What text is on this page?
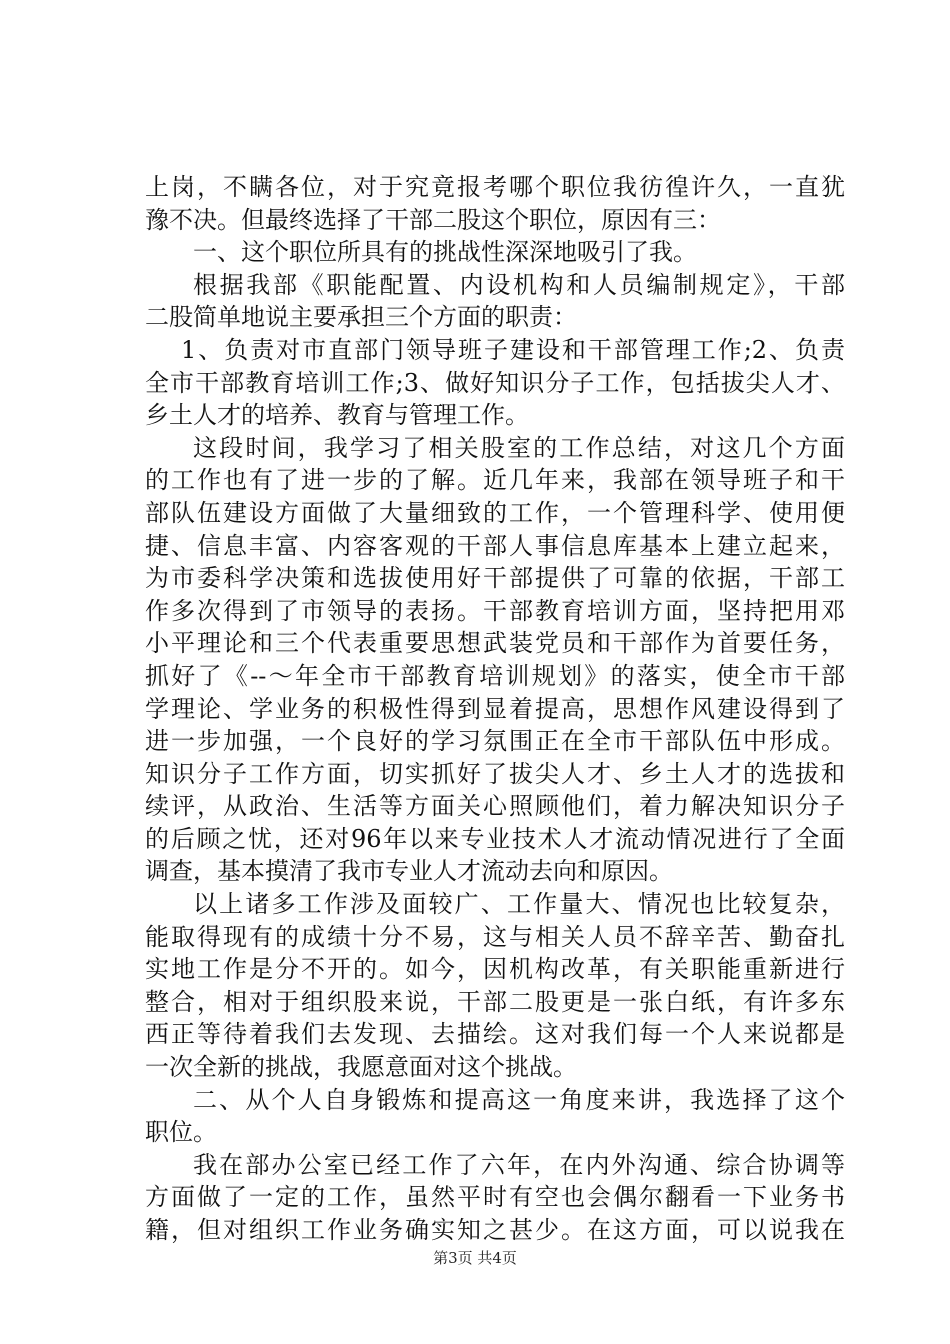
上岗，不瞒各位，对于究竟报考哪个职位我彷徨许久，一直犹
豫不决。但最终选择了干部二股这个职位，原因有三：
一、这个职位所具有的挑战性深深地吸引了我。
根据我部《职能配置、内设机构和人员编制规定》，干部
二股简单地说主要承担三个方面的职责：
1、负责对市直部门领导班子建设和干部管理工作;2、负责
全市干部教育培训工作;3、做好知识分子工作，包括拔尖人才、
乡土人才的培养、教育与管理工作。
这段时间，我学习了相关股室的工作总结，对这几个方面
的工作也有了进一步的了解。近几年来，我部在领导班子和干
部队伍建设方面做了大量细致的工作，一个管理科学、使用便
捷、信息丰富、内容客观的干部人事信息库基本上建立起来，
为市委科学决策和选拔使用好干部提供了可靠的依据，干部工
作多次得到了市领导的表扬。干部教育培训方面，坚持把用邓
小平理论和三个代表重要思想武装党员和干部作为首要任务，
抓好了《--～年全市干部教育培训规划》的落实，使全市干部
学理论、学业务的积极性得到显着提高，思想作风建设得到了
进一步加强，一个良好的学习氛围正在全市干部队伍中形成。
知识分子工作方面，切实抓好了拔尖人才、乡土人才的选拔和
续评，从政治、生活等方面关心照顾他们，着力解决知识分子
的后顾之忧，还对96年以来专业技术人才流动情况进行了全面
调查，基本摸清了我市专业人才流动去向和原因。
以上诸多工作涉及面较广、工作量大、情况也比较复杂，
能取得现有的成绩十分不易，这与相关人员不辞辛苦、勤奋扎
实地工作是分不开的。如今，因机构改革，有关职能重新进行
整合，相对于组织股来说，干部二股更是一张白纸，有许多东
西正等待着我们去发现、去描绘。这对我们每一个人来说都是
一次全新的挑战，我愿意面对这个挑战。
二、从个人自身锻炼和提高这一角度来讲，我选择了这个
职位。
我在部办公室已经工作了六年，在内外沟通、综合协调等
方面做了一定的工作，虽然平时有空也会偶尔翻看一下业务书
籍，但对组织工作业务确实知之甚少。在这方面，可以说我在
第3页 共4页
